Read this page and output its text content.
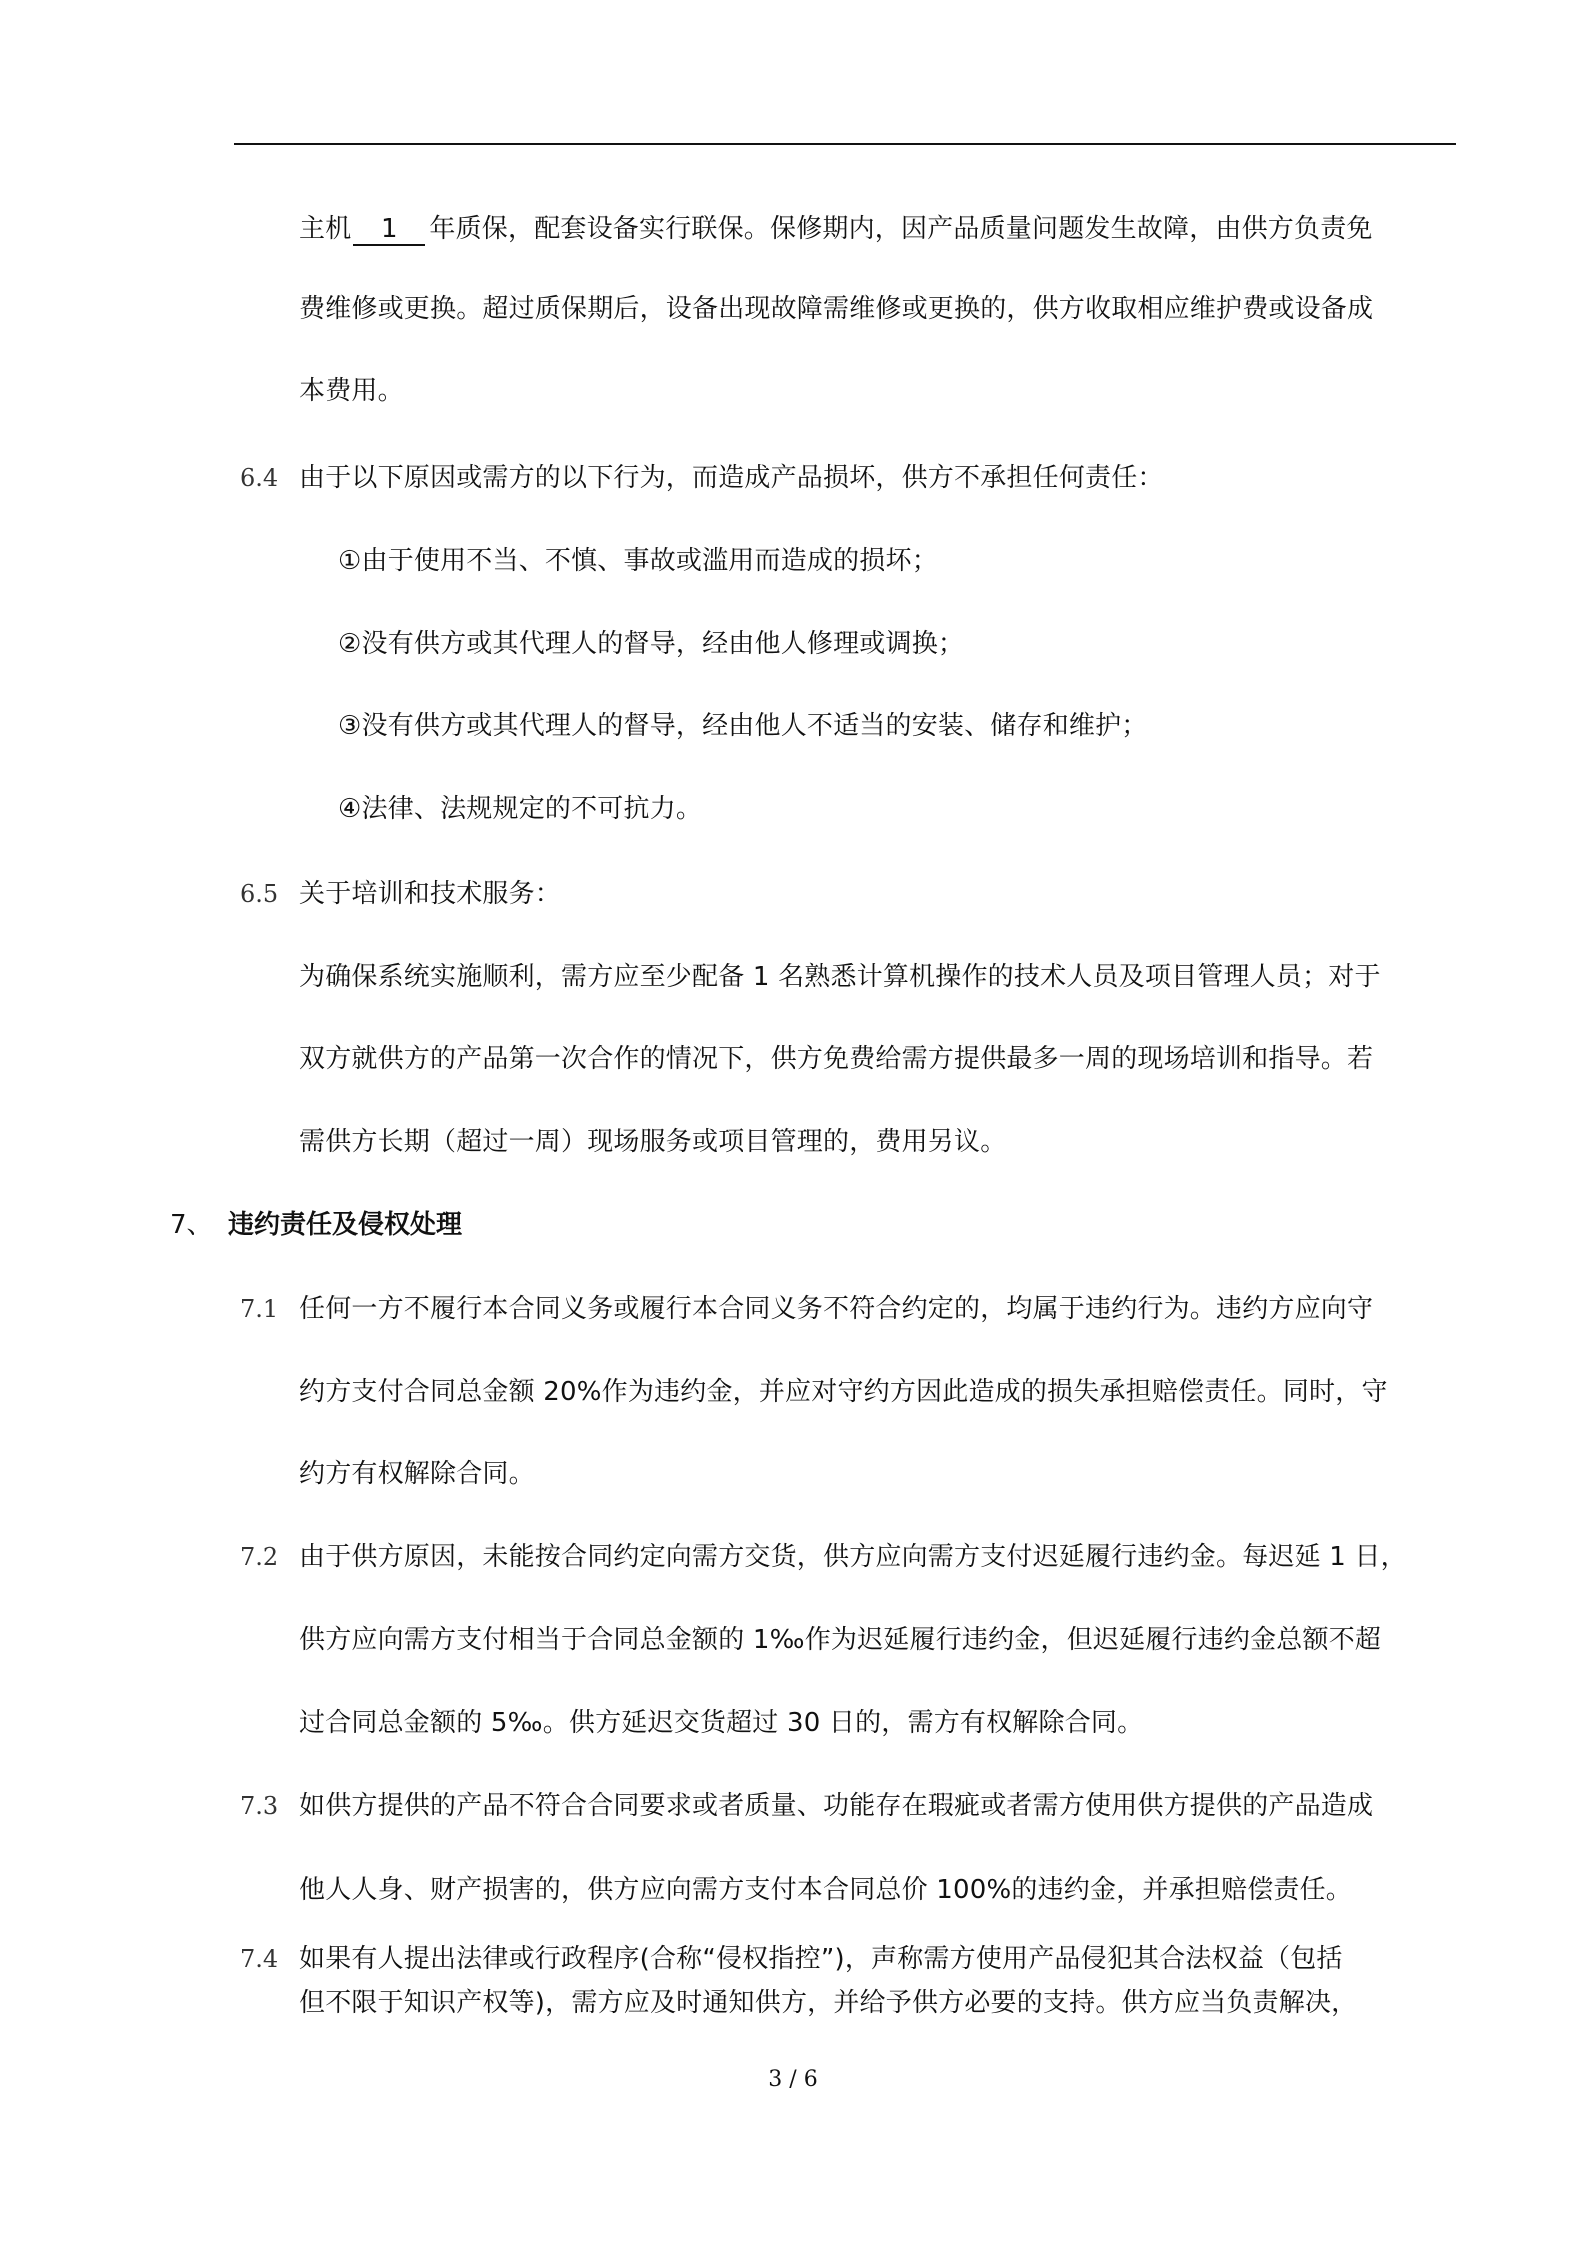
主机 1 年质保，配套设备实行联保。保修期内，因产品质量问题发生故障，由供方负责免
费维修或更换。超过质保期后，设备出现故障需维修或更换的，供方收取相应维护费或设备成
本费用。
6.4 由于以下原因或需方的以下行为，而造成产品损坏，供方不承担任何责任：
①由于使用不当、不慎、事故或滥用而造成的损坏；
②没有供方或其代理人的督导，经由他人修理或调换；
③没有供方或其代理人的督导，经由他人不适当的安装、储存和维护；
④法律、法规规定的不可抗力。
6.5 关于培训和技术服务：
为确保系统实施顺利，需方应至少配备 1 名熟悉计算机操作的技术人员及项目管理人员；对于
双方就供方的产品第一次合作的情况下，供方免费给需方提供最多一周的现场培训和指导。若
需供方长期（超过一周）现场服务或项目管理的，费用另议。
7、 违约责任及侵权处理
7.1 任何一方不履行本合同义务或履行本合同义务不符合约定的，均属于违约行为。违约方应向守
约方支付合同总金额 20%作为违约金，并应对守约方因此造成的损失承担赔偿责任。同时，守
约方有权解除合同。
7.2 由于供方原因，未能按合同约定向需方交货，供方应向需方支付迟延履行违约金。每迟延 1 日，
供方应向需方支付相当于合同总金额的 1‰作为迟延履行违约金，但迟延履行违约金总额不超
过合同总金额的 5‰。供方延迟交货超过 30 日的，需方有权解除合同。
7.3 如供方提供的产品不符合合同要求或者质量、功能存在瑕疵或者需方使用供方提供的产品造成
他人人身、财产损害的，供方应向需方支付本合同总价 100%的违约金，并承担赔偿责任。
7.4 如果有人提出法律或行政程序(合称“侵权指控”)，声称需方使用产品侵犯其合法权益（包括
但不限于知识产权等)，需方应及时通知供方，并给予供方必要的支持。供方应当负责解决，
3 / 6
